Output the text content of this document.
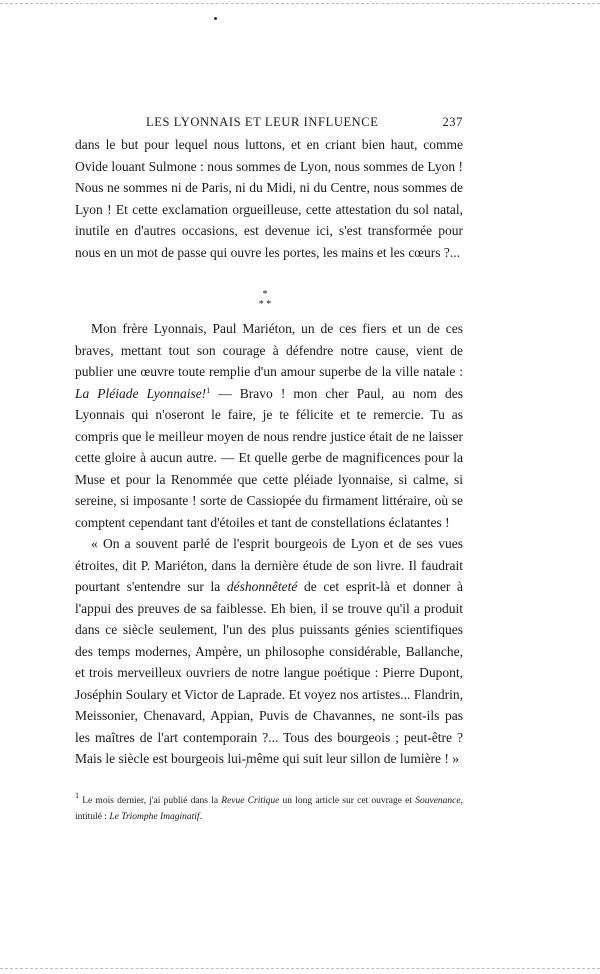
LES LYONNAIS ET LEUR INFLUENCE	237

dans le but pour lequel nous luttons, et en criant bien haut, comme Ovide louant Sulmone : nous sommes de Lyon, nous sommes de Lyon ! Nous ne sommes ni de Paris, ni du Midi, ni du Centre, nous sommes de Lyon ! Et cette exclamation orgueilleuse, cette attestation du sol natal, inutile en d'autres occasions, est devenue ici, s'est transformée pour nous en un mot de passe qui ouvre les portes, les mains et les cœurs ?...

*
* *

Mon frère Lyonnais, Paul Mariéton, un de ces fiers et un de ces braves, mettant tout son courage à défendre notre cause, vient de publier une œuvre toute remplie d'un amour superbe de la ville natale : La Pléiade Lyonnaise!$^1$ — Bravo ! mon cher Paul, au nom des Lyonnais qui n'oseront le faire, je te félicite et te remercie. Tu as compris que le meilleur moyen de nous rendre justice était de ne laisser cette gloire à aucun autre. — Et quelle gerbe de magnificences pour la Muse et pour la Renommée que cette pléiade lyonnaise, si calme, si sereine, si imposante ! sorte de Cassiopée du firmament littéraire, où se comptent cependant tant d'étoiles et tant de constellations éclatantes !

« On a souvent parlé de l'esprit bourgeois de Lyon et de ses vues étroites, dit P. Mariéton, dans la dernière étude de son livre. Il faudrait pourtant s'entendre sur la déshonnêteté de cet esprit-là et donner à l'appui des preuves de sa faiblesse. Eh bien, il se trouve qu'il a produit dans ce siècle seulement, l'un des plus puissants génies scientifiques des temps modernes, Ampère, un philosophe considérable, Ballanche, et trois merveilleux ouvriers de notre langue poétique : Pierre Dupont, Joséphin Soulary et Victor de Laprade. Et voyez nos artistes... Flandrin, Meissonier, Chenavard, Appian, Puvis de Chavannes, ne sont-ils pas les maîtres de l'art contemporain ?... Tous des bourgeois ; peut-être ? Mais le siècle est bourgeois lui-même qui suit leur sillon de lumière ! »

$^1$ Le mois dernier, j'ai publié dans la Revue Critique un long article sur cet ouvrage et Souvenance, intitulé : Le Triomphe Imaginatif.
